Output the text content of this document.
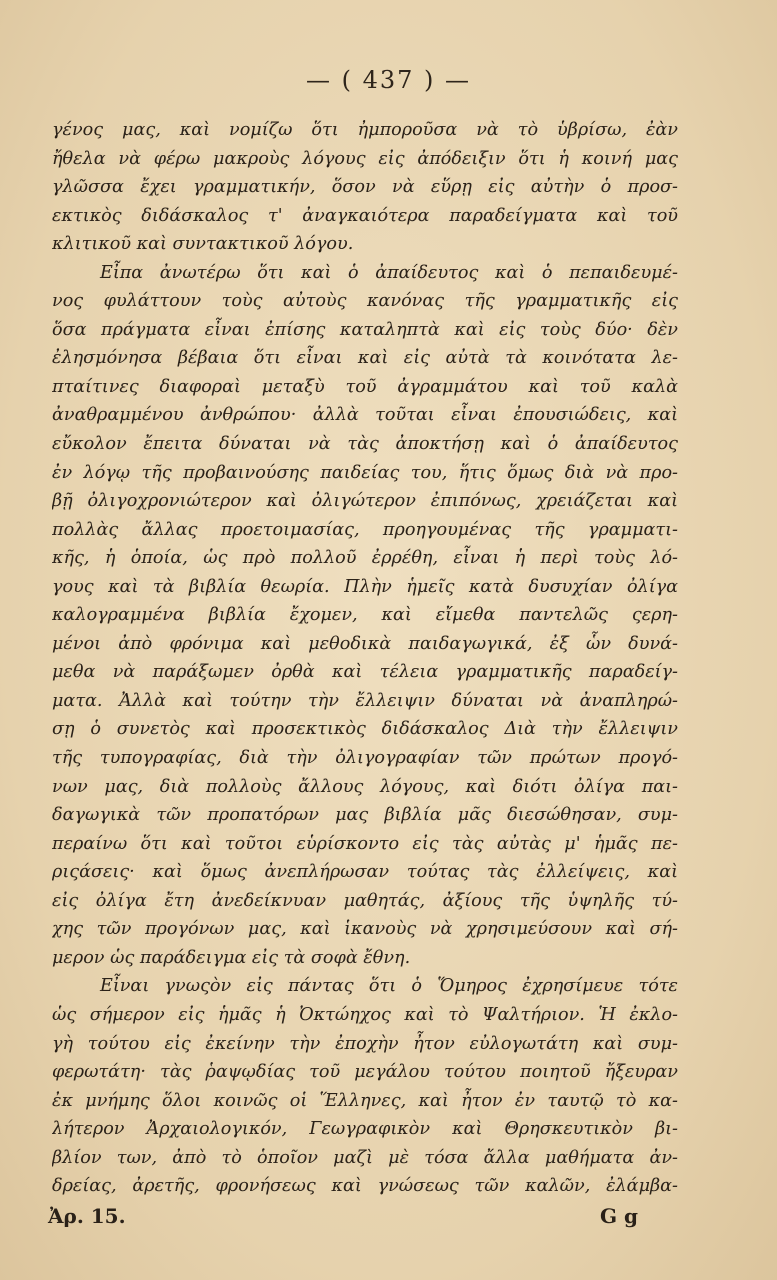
— ( 437 ) —
γένος μας, καὶ νομίζω ὅτι ἠμποροῦσα νὰ τὸ ὑβρίσω, ἐὰν
ἤθελα νὰ φέρω μακροὺς λόγους εἰς ἀπόδειξιν ὅτι ἡ κοινή μας
γλῶσσα ἔχει γραμματικήν, ὅσον νὰ εὕρῃ εἰς αὐτὴν ὁ προσ-
εκτικὸς διδάσκαλος τ' ἀναγκαιότερα παραδείγματα καὶ τοῦ
κλιτικοῦ καὶ συντακτικοῦ λόγου.
Εἶπα ἀνωτέρω ὅτι καὶ ὁ ἀπαίδευτος καὶ ὁ πεπαιδευμέ-
νος φυλάττουν τοὺς αὐτοὺς κανόνας τῆς γραμματικῆς εἰς
ὅσα πράγματα εἶναι ἐπίσης καταληπτὰ καὶ εἰς τοὺς δύο· δὲν
ἐλησμόνησα βέβαια ὅτι εἶναι καὶ εἰς αὐτὰ τὰ κοινότατα λε-
πταίτινες διαφοραὶ μεταξὺ τοῦ ἀγραμμάτου καὶ τοῦ καλὰ
ἀναθραμμένου ἀνθρώπου· ἀλλὰ τοῦται εἶναι ἐπουσιώδεις, καὶ
εὔκολον ἔπειτα δύναται νὰ τὰς ἀποκτήσῃ καὶ ὁ ἀπαίδευτος
ἐν λόγῳ τῆς προβαινούσης παιδείας του, ἥτις ὅμως διὰ νὰ προ-
βῇ ὀλιγοχρονιώτερον καὶ ὀλιγώτερον ἐπιπόνως, χρειάζεται καὶ
πολλὰς ἄλλας προετοιμασίας, προηγουμένας τῆς γραμματι-
κῆς, ἡ ὁποία, ὡς πρὸ πολλοῦ ἐρρέθη, εἶναι ἡ περὶ τοὺς λό-
γους καὶ τὰ βιβλία θεωρία. Πλὴν ἡμεῖς κατὰ δυσυχίαν ὀλίγα
καλογραμμένα βιβλία ἔχομεν, καὶ εἴμεθα παντελῶς ςερη-
μένοι ἀπὸ φρόνιμα καὶ μεθοδικὰ παιδαγωγικά, ἐξ ὧν δυνά-
μεθα νὰ παράξωμεν ὀρθὰ καὶ τέλεια γραμματικῆς παραδείγ-
ματα. Ἀλλὰ καὶ τούτην τὴν ἔλλειψιν δύναται νὰ ἀναπληρώ-
σῃ ὁ συνετὸς καὶ προσεκτικὸς διδάσκαλος Διὰ τὴν ἔλλειψιν
τῆς τυπογραφίας, διὰ τὴν ὀλιγογραφίαν τῶν πρώτων προγό-
νων μας, διὰ πολλοὺς ἄλλους λόγους, καὶ διότι ὀλίγα παι-
δαγωγικὰ τῶν προπατόρων μας βιβλία μᾶς διεσώθησαν, συμ-
περαίνω ὅτι καὶ τοῦτοι εὑρίσκοντο εἰς τὰς αὐτὰς μ' ἡμᾶς πε-
ριςάσεις· καὶ ὅμως ἀνεπλήρωσαν τούτας τὰς ἐλλείψεις, καὶ
εἰς ὀλίγα ἔτη ἀνεδείκνυαν μαθητάς, ἀξίους τῆς ὑψηλῆς τύ-
χης τῶν προγόνων μας, καὶ ἱκανοὺς νὰ χρησιμεύσουν καὶ σή-
μερον ὡς παράδειγμα εἰς τὰ σοφὰ ἔθνη.
Εἶναι γνωςὸν εἰς πάντας ὅτι ὁ Ὅμηρος ἐχρησίμευε τότε
ὡς σήμερον εἰς ἡμᾶς ἡ Ὀκτώηχος καὶ τὸ Ψαλτήριον. Ἡ ἐκλο-
γὴ τούτου εἰς ἐκείνην τὴν ἐποχὴν ἦτον εὐλογωτάτη καὶ συμ-
φερωτάτη· τὰς ῥαψῳδίας τοῦ μεγάλου τούτου ποιητοῦ ἤξευραν
ἐκ μνήμης ὅλοι κοινῶς οἱ Ἕλληνες, καὶ ἦτον ἐν ταυτῷ τὸ κα-
λήτερον Ἀρχαιολογικόν, Γεωγραφικὸν καὶ Θρησκευτικὸν βι-
βλίον των, ἀπὸ τὸ ὁποῖον μαζὶ μὲ τόσα ἄλλα μαθήματα ἀν-
δρείας, ἀρετῆς, φρονήσεως καὶ γνώσεως τῶν καλῶν, ἐλάμβα-
Ἀρ. 15.	G g
